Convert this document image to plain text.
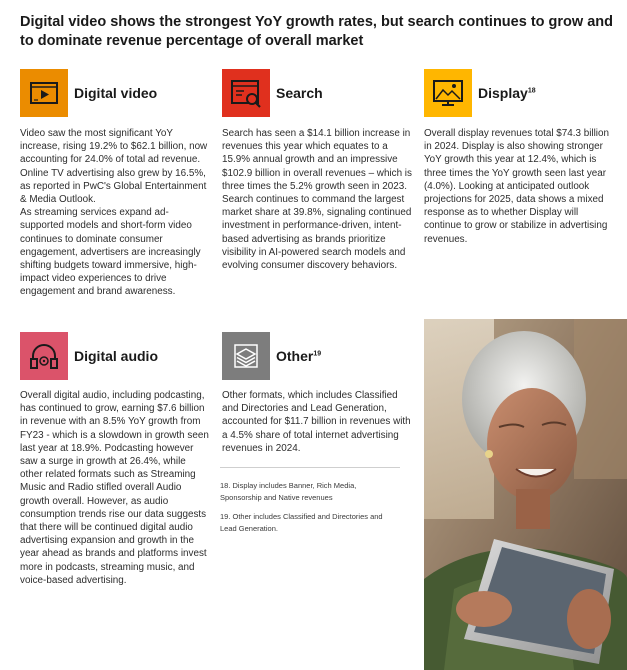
Digital video shows the strongest YoY growth rates, but search continues to grow and to dominate revenue percentage of overall market
Digital video

Video saw the most significant YoY increase, rising 19.2% to $62.1 billion, now accounting for 24.0% of total ad revenue. Online TV advertising also grew by 16.5%, as reported in PwC's Global Entertainment & Media Outlook.

As streaming services expand ad-supported models and short-form video continues to dominate consumer engagement, advertisers are increasingly shifting budgets toward immersive, high-impact video experiences to drive engagement and brand awareness.

Search

Search has seen a $14.1 billion increase in revenues this year which equates to a 15.9% annual growth and an impressive $102.9 billion in overall revenues – which is three times the 5.2% growth seen in 2023.

Search continues to command the largest market share at 39.8%, signaling continued investment in performance-driven, intent-based advertising as brands prioritize visibility in AI-powered search models and evolving consumer discovery behaviors.

Display$^{18}$

Overall display revenues total $74.3 billion in 2024. Display is also showing stronger YoY growth this year at 12.4%, which is three times the YoY growth seen last year (4.0%). Looking at anticipated outlook projections for 2025, data shows a mixed response as to whether Display will continue to grow or stabilize in advertising revenues.

Digital audio

Overall digital audio, including podcasting, has continued to grow, earning $7.6 billion in revenue with an 8.5% YoY growth from FY23 - which is a slowdown in growth seen last year at 18.9%. Podcasting however saw a surge in growth at 26.4%, while other related formats such as Streaming Music and Radio stifled overall Audio growth overall. However, as audio consumption trends rise our data suggests that there will be continued digital audio advertising expansion and growth in the year ahead as brands and platforms invest more in podcasts, streaming music, and voice-based advertising.

Other$^{19}$

Other formats, which includes Classified and Directories and Lead Generation, accounted for $11.7 billion in revenues with a 4.5% share of total internet advertising revenues in 2024.

18. Display includes Banner, Rich Media, Sponsorship and Native revenues
19. Other includes Classified and Directories and Lead Generation.
